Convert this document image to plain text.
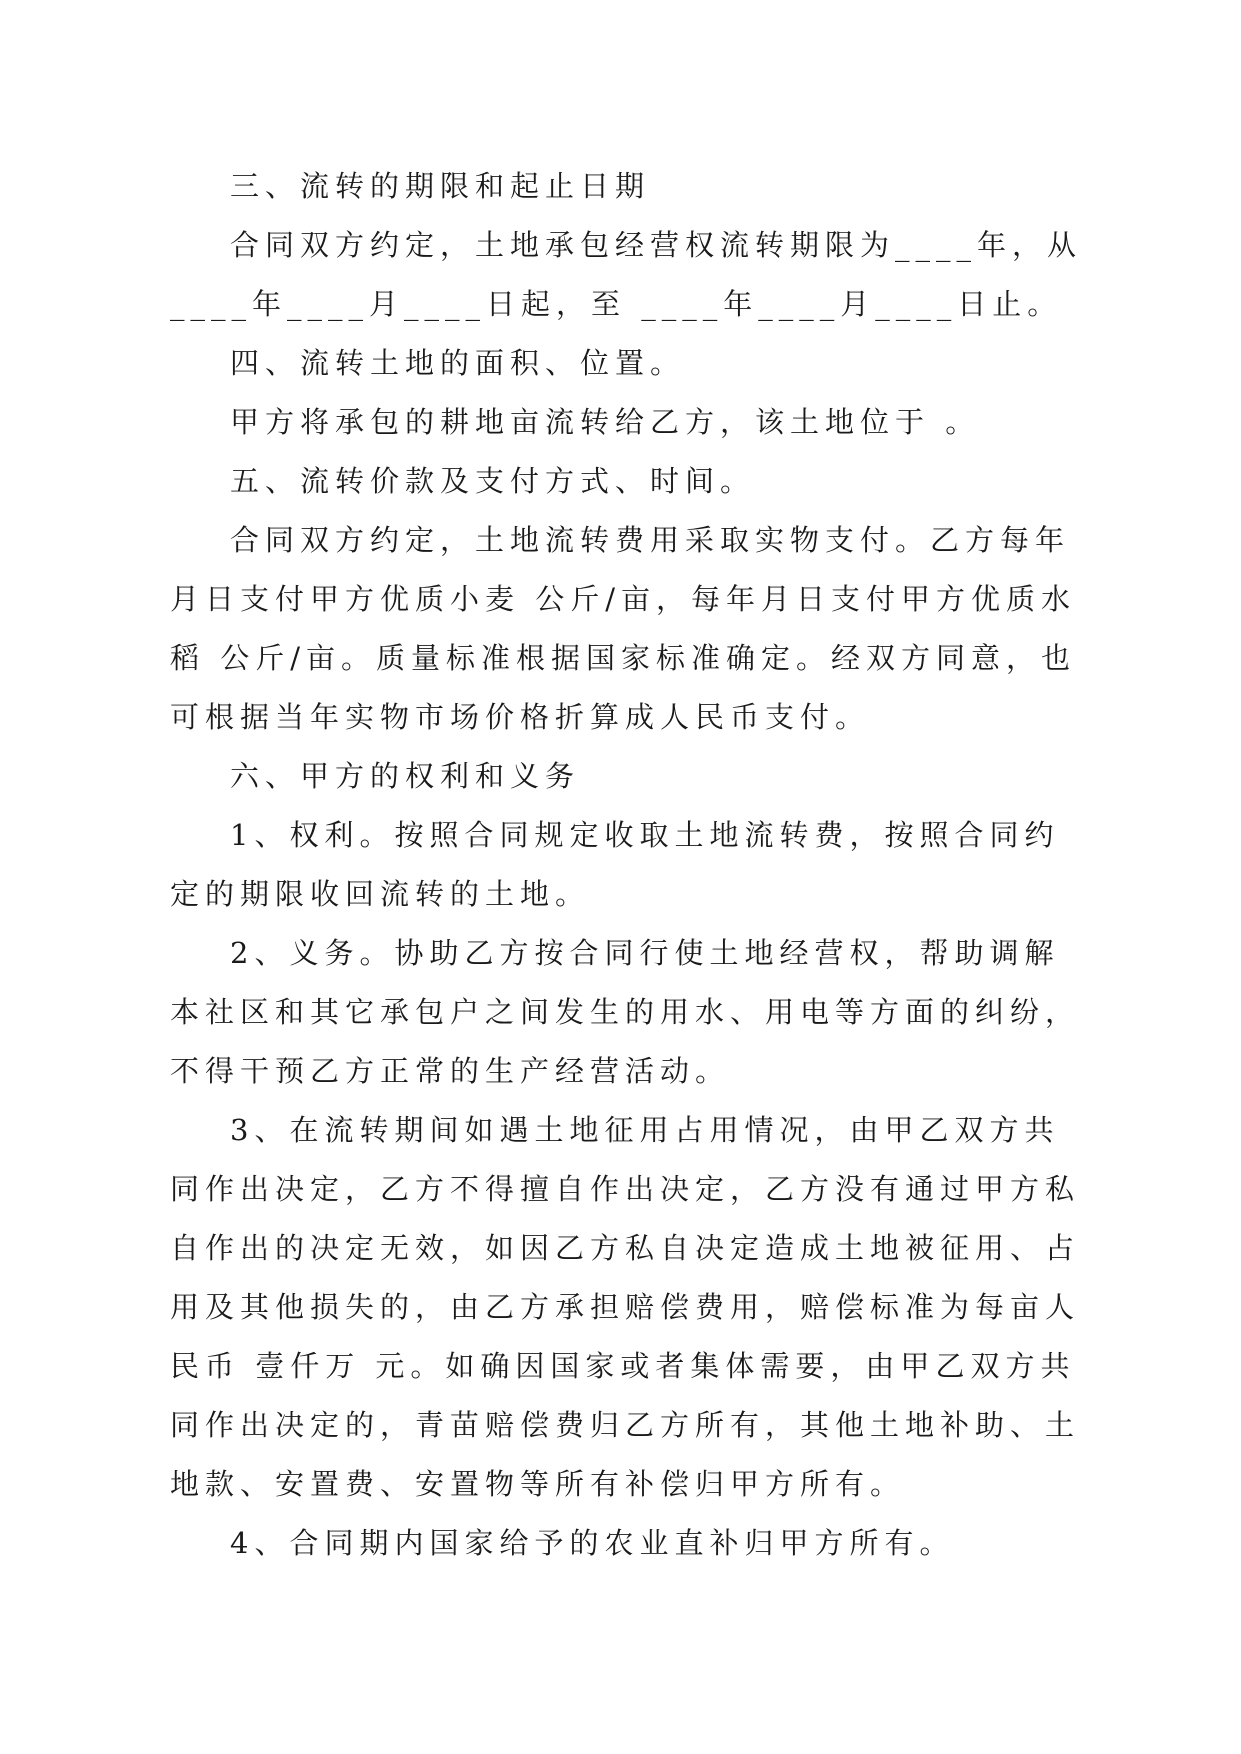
三、流转的期限和起止日期
合同双方约定，土地承包经营权流转期限为____年，从
____年____月____日起，至 ____年____月____日止。
四、流转土地的面积、位置。
甲方将承包的耕地亩流转给乙方，该土地位于 。
五、流转价款及支付方式、时间。
合同双方约定，土地流转费用采取实物支付。乙方每年
月日支付甲方优质小麦 公斤/亩，每年月日支付甲方优质水
稻 公斤/亩。质量标准根据国家标准确定。经双方同意，也
可根据当年实物市场价格折算成人民币支付。
六、甲方的权利和义务
1、权利。按照合同规定收取土地流转费，按照合同约
定的期限收回流转的土地。
2、义务。协助乙方按合同行使土地经营权，帮助调解
本社区和其它承包户之间发生的用水、用电等方面的纠纷，
不得干预乙方正常的生产经营活动。
3、在流转期间如遇土地征用占用情况，由甲乙双方共
同作出决定，乙方不得擅自作出决定，乙方没有通过甲方私
自作出的决定无效，如因乙方私自决定造成土地被征用、占
用及其他损失的，由乙方承担赔偿费用，赔偿标准为每亩人
民币 壹仟万 元。如确因国家或者集体需要，由甲乙双方共
同作出决定的，青苗赔偿费归乙方所有，其他土地补助、土
地款、安置费、安置物等所有补偿归甲方所有。
4、合同期内国家给予的农业直补归甲方所有。
